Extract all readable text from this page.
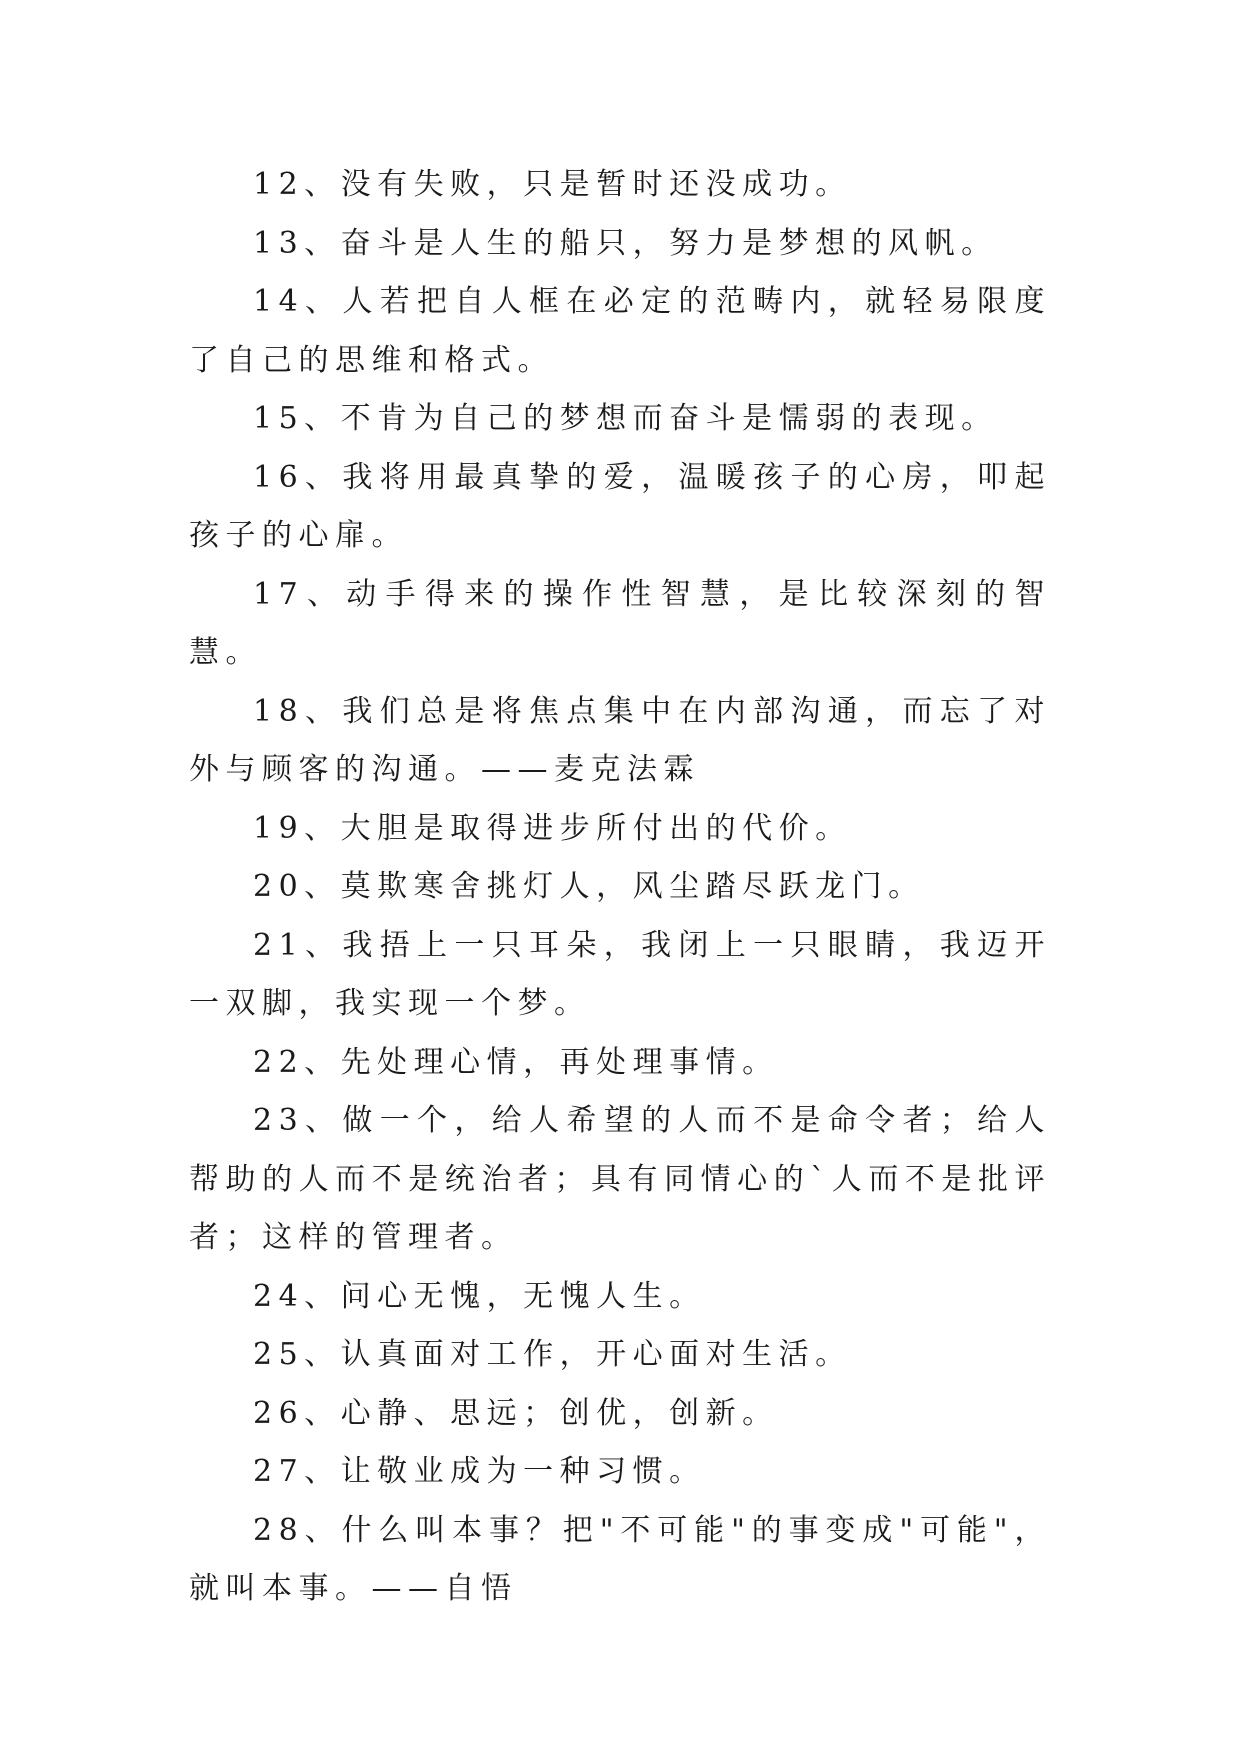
12、没有失败，只是暂时还没成功。

13、奋斗是人生的船只，努力是梦想的风帆。

14、人若把自人框在必定的范畴内，就轻易限度了自己的思维和格式。

15、不肯为自己的梦想而奋斗是懦弱的表现。

16、我将用最真挚的爱，温暖孩子的心房，叩起孩子的心扉。

17、动手得来的操作性智慧，是比较深刻的智慧。

18、我们总是将焦点集中在内部沟通，而忘了对外与顾客的沟通。——麦克法霖

19、大胆是取得进步所付出的代价。

20、莫欺寒舍挑灯人，风尘踏尽跃龙门。

21、我捂上一只耳朵，我闭上一只眼睛，我迈开一双脚，我实现一个梦。

22、先处理心情，再处理事情。

23、做一个，给人希望的人而不是命令者；给人帮助的人而不是统治者；具有同情心的`人而不是批评者；这样的管理者。

24、问心无愧，无愧人生。

25、认真面对工作，开心面对生活。

26、心静、思远；创优，创新。

27、让敬业成为一种习惯。

28、什么叫本事？把"不可能"的事变成"可能"，就叫本事。——自悟
